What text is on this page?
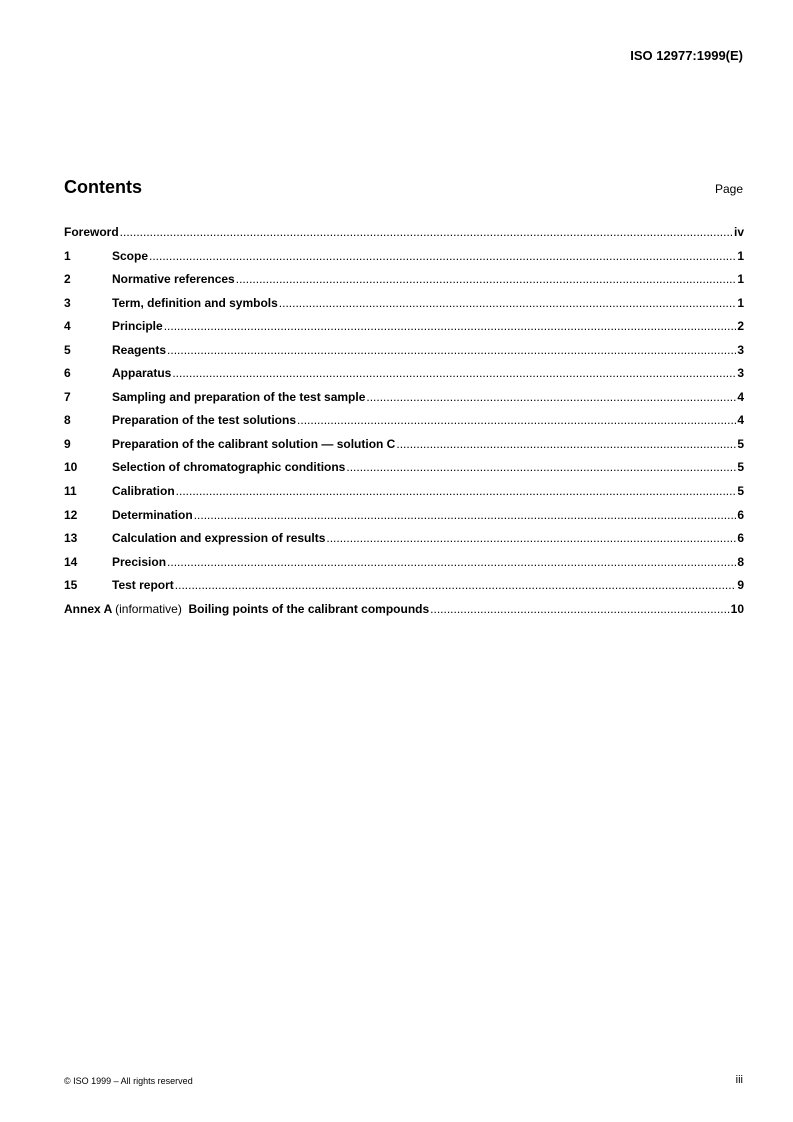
ISO 12977:1999(E)
Contents	Page
Foreword .....	iv
1	Scope .....	1
2	Normative references .....	1
3	Term, definition and symbols .....	1
4	Principle .....	2
5	Reagents .....	3
6	Apparatus .....	3
7	Sampling and preparation of the test sample .....	4
8	Preparation of the test solutions .....	4
9	Preparation of the calibrant solution — solution C .....	5
10	Selection of chromatographic conditions .....	5
11	Calibration .....	5
12	Determination .....	6
13	Calculation and expression of results .....	6
14	Precision .....	8
15	Test report .....	9
Annex A (informative) Boiling points of the calibrant compounds .....	10
© ISO 1999 – All rights reserved	iii
